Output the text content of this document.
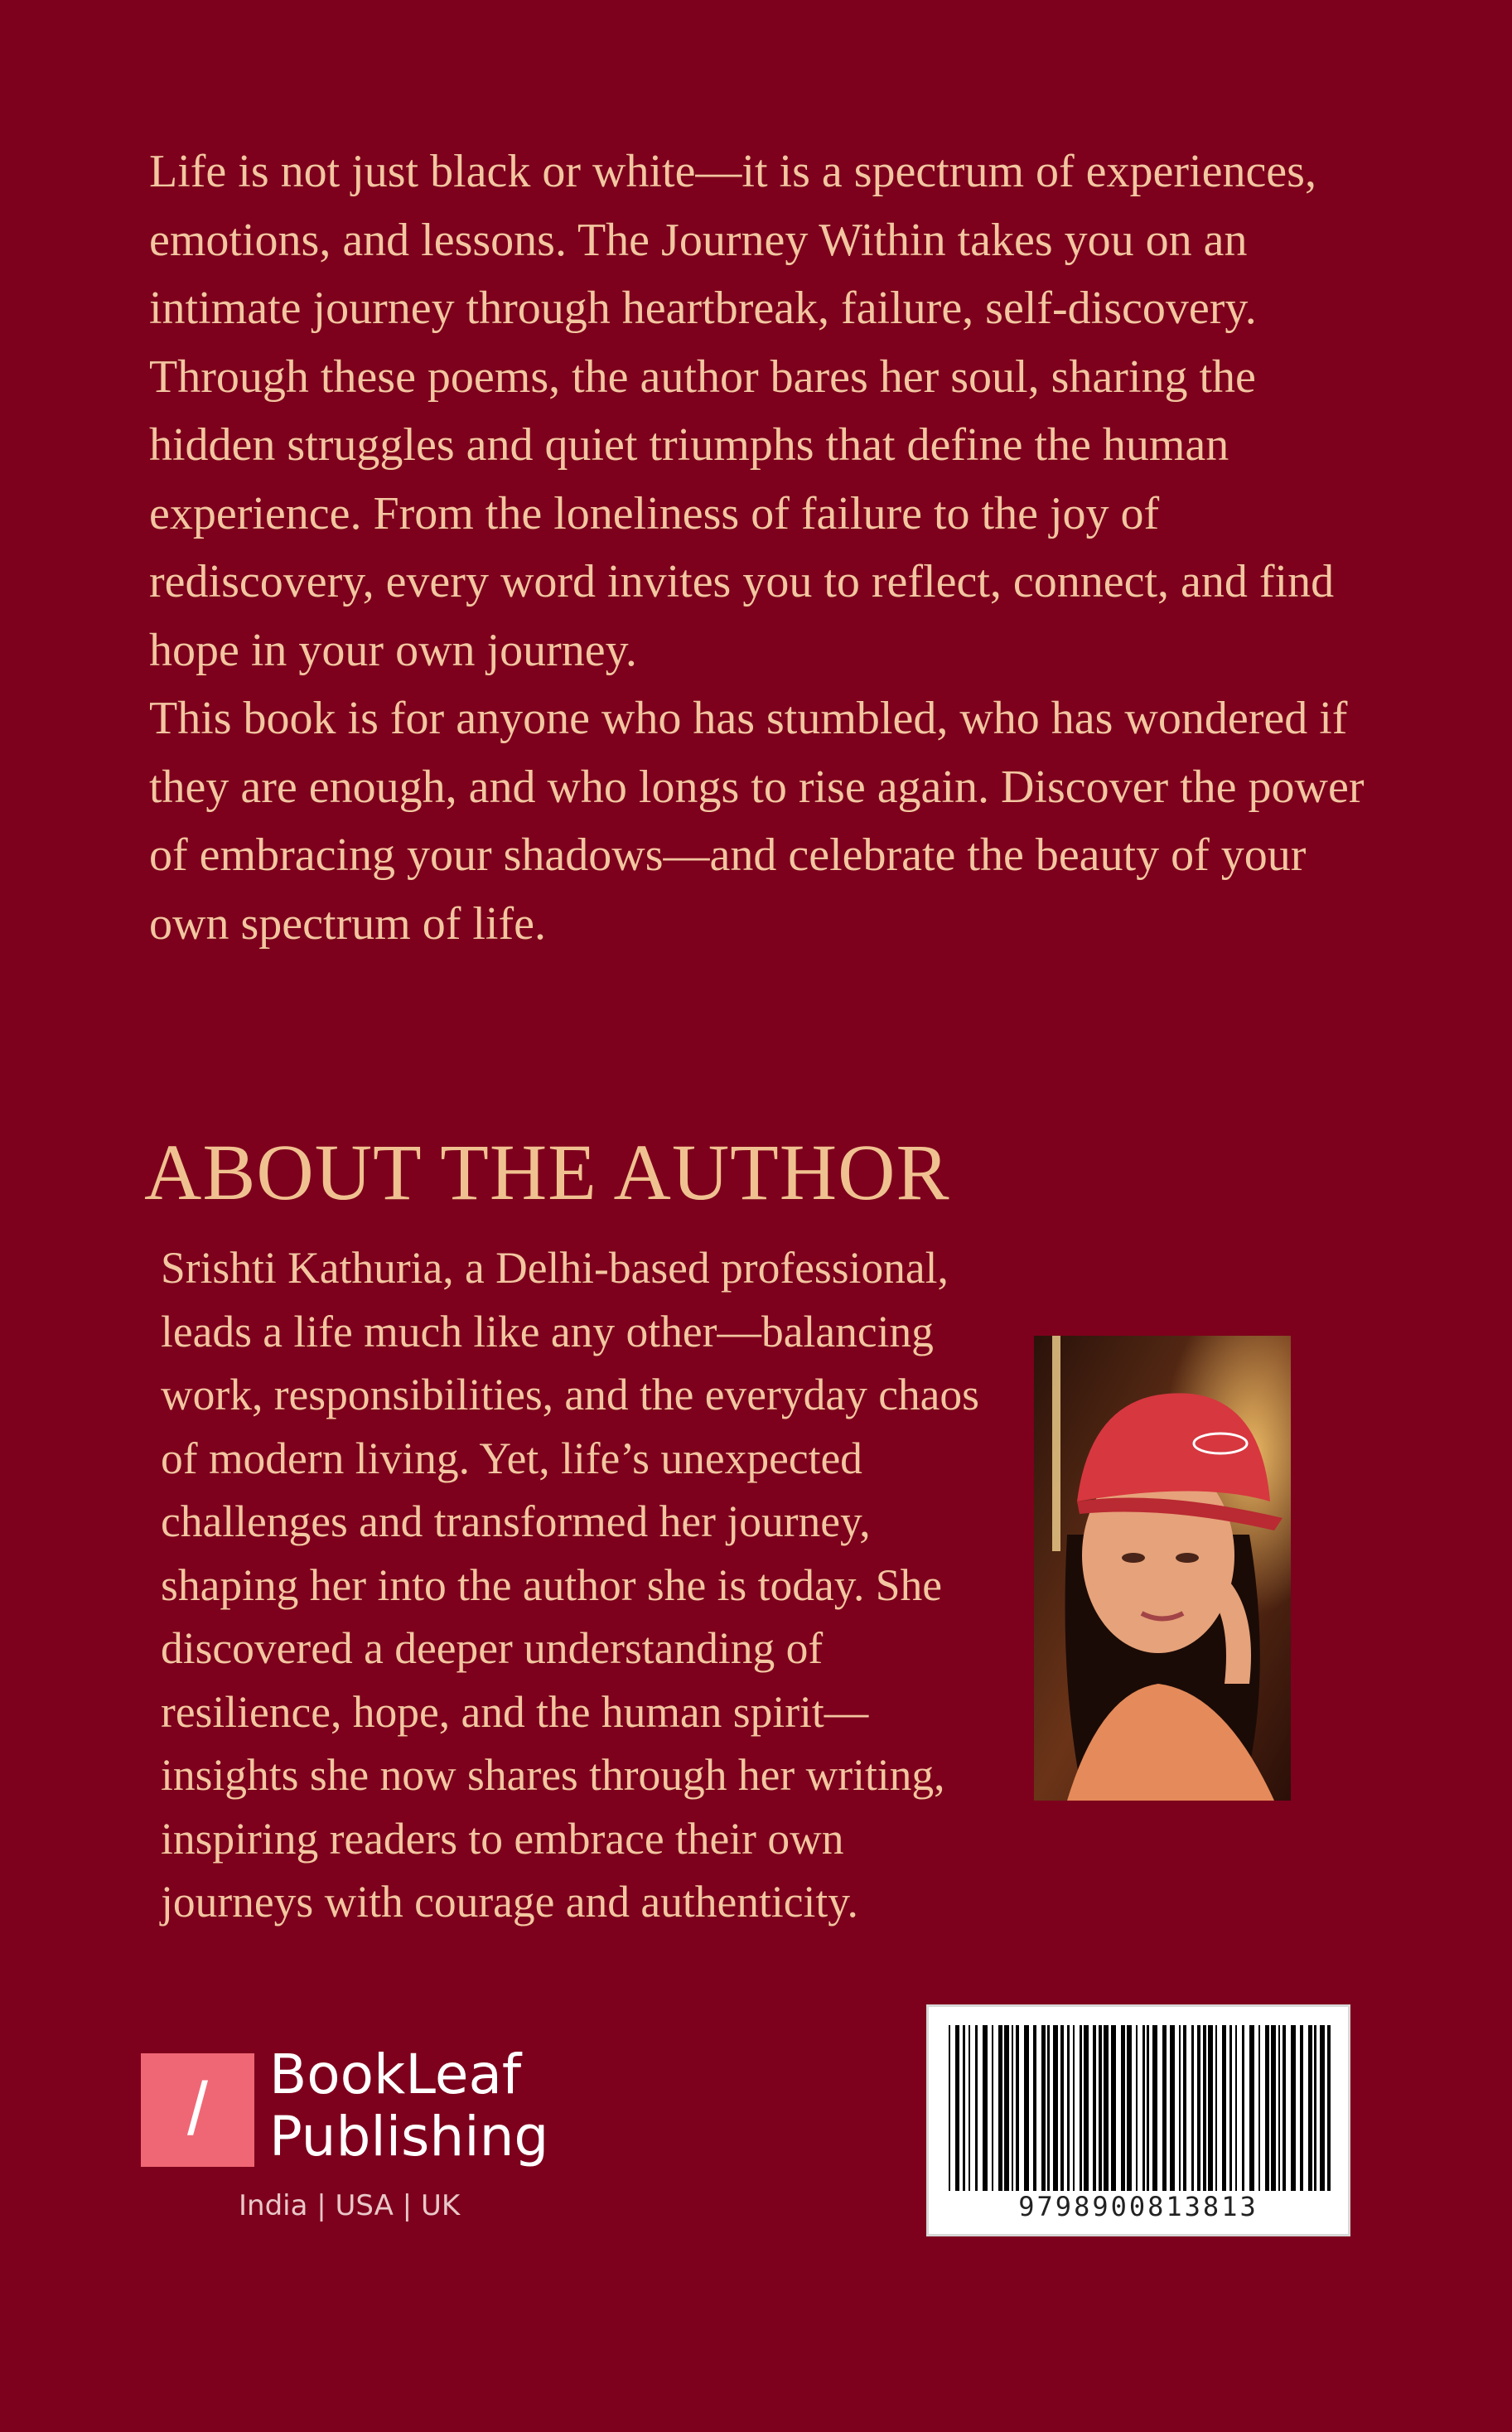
Life is not just black or white—it is a spectrum of experiences, emotions, and lessons. The Journey Within takes you on an intimate journey through heartbreak, failure, self-discovery.

Through these poems, the author bares her soul, sharing the hidden struggles and quiet triumphs that define the human experience. From the loneliness of failure to the joy of rediscovery, every word invites you to reflect, connect, and find hope in your own journey.

This book is for anyone who has stumbled, who has wondered if they are enough, and who longs to rise again. Discover the power of embracing your shadows—and celebrate the beauty of your own spectrum of life.

ABOUT THE AUTHOR

Srishti Kathuria, a Delhi-based professional, leads a life much like any other—balancing work, responsibilities, and the everyday chaos of modern living. Yet, life’s unexpected challenges and transformed her journey, shaping her into the author she is today. She discovered a deeper understanding of resilience, hope, and the human spirit—insights she now shares through her writing, inspiring readers to embrace their own journeys with courage and authenticity.

/	BookLeaf
Publishing
India | USA | UK	9798900813813
